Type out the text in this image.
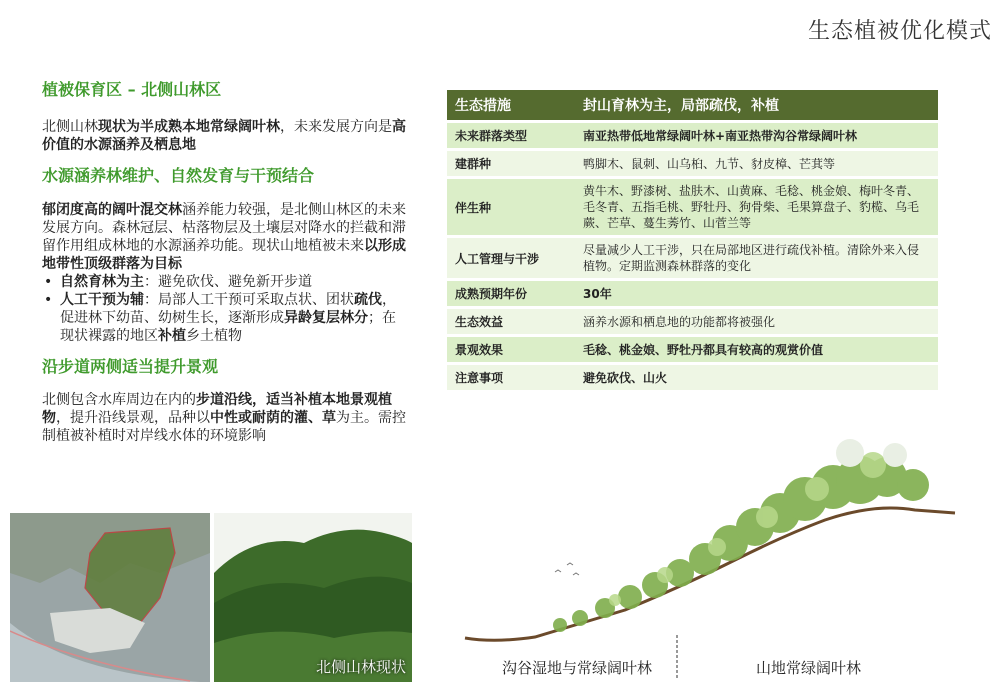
生态植被优化模式

植被保育区 – 北侧山林区

北侧山林现状为半成熟本地常绿阔叶林，未来发展方向是高价值的水源涵养及栖息地

水源涵养林维护、自然发育与干预结合

郁闭度高的阔叶混交林涵养能力较强，是北侧山林区的未来发展方向。森林冠层、枯落物层及土壤层对降水的拦截和滞留作用组成林地的水源涵养功能。现状山地植被未来以形成地带性顶级群落为目标

• 自然育林为主：避免砍伐、避免新开步道
• 人工干预为辅：局部人工干预可采取点状、团状疏伐，促进林下幼苗、幼树生长，逐渐形成异龄复层林分；在现状裸露的地区补植乡土植物

沿步道两侧适当提升景观

北侧包含水库周边在内的步道沿线，适当补植本地景观植物，提升沿线景观，品种以中性或耐荫的灌、草为主。需控制植被补植时对岸线水体的环境影响

生态措施	封山育林为主，局部疏伐，补植
未来群落类型	南亚热带低地常绿阔叶林+南亚热带沟谷常绿阔叶林
建群种	鸭脚木、鼠刺、山乌桕、九节、豺皮樟、芒萁等
伴生种	黄牛木、野漆树、盐肤木、山黄麻、毛稔、桃金娘、梅叶冬青、毛冬青、五指毛桃、野牡丹、狗骨柴、毛果算盘子、豹榄、乌毛蕨、芒草、蔓生莠竹、山菅兰等
人工管理与干涉	尽量减少人工干涉，只在局部地区进行疏伐补植。清除外来入侵植物。定期监测森林群落的变化
成熟预期年份	30年
生态效益	涵养水源和栖息地的功能都将被强化
景观效果	毛稔、桃金娘、野牡丹都具有较高的观赏价值
注意事项	避免砍伐、山火
北侧山林现状	沟谷湿地与常绿阔叶林	山地常绿阔叶林
